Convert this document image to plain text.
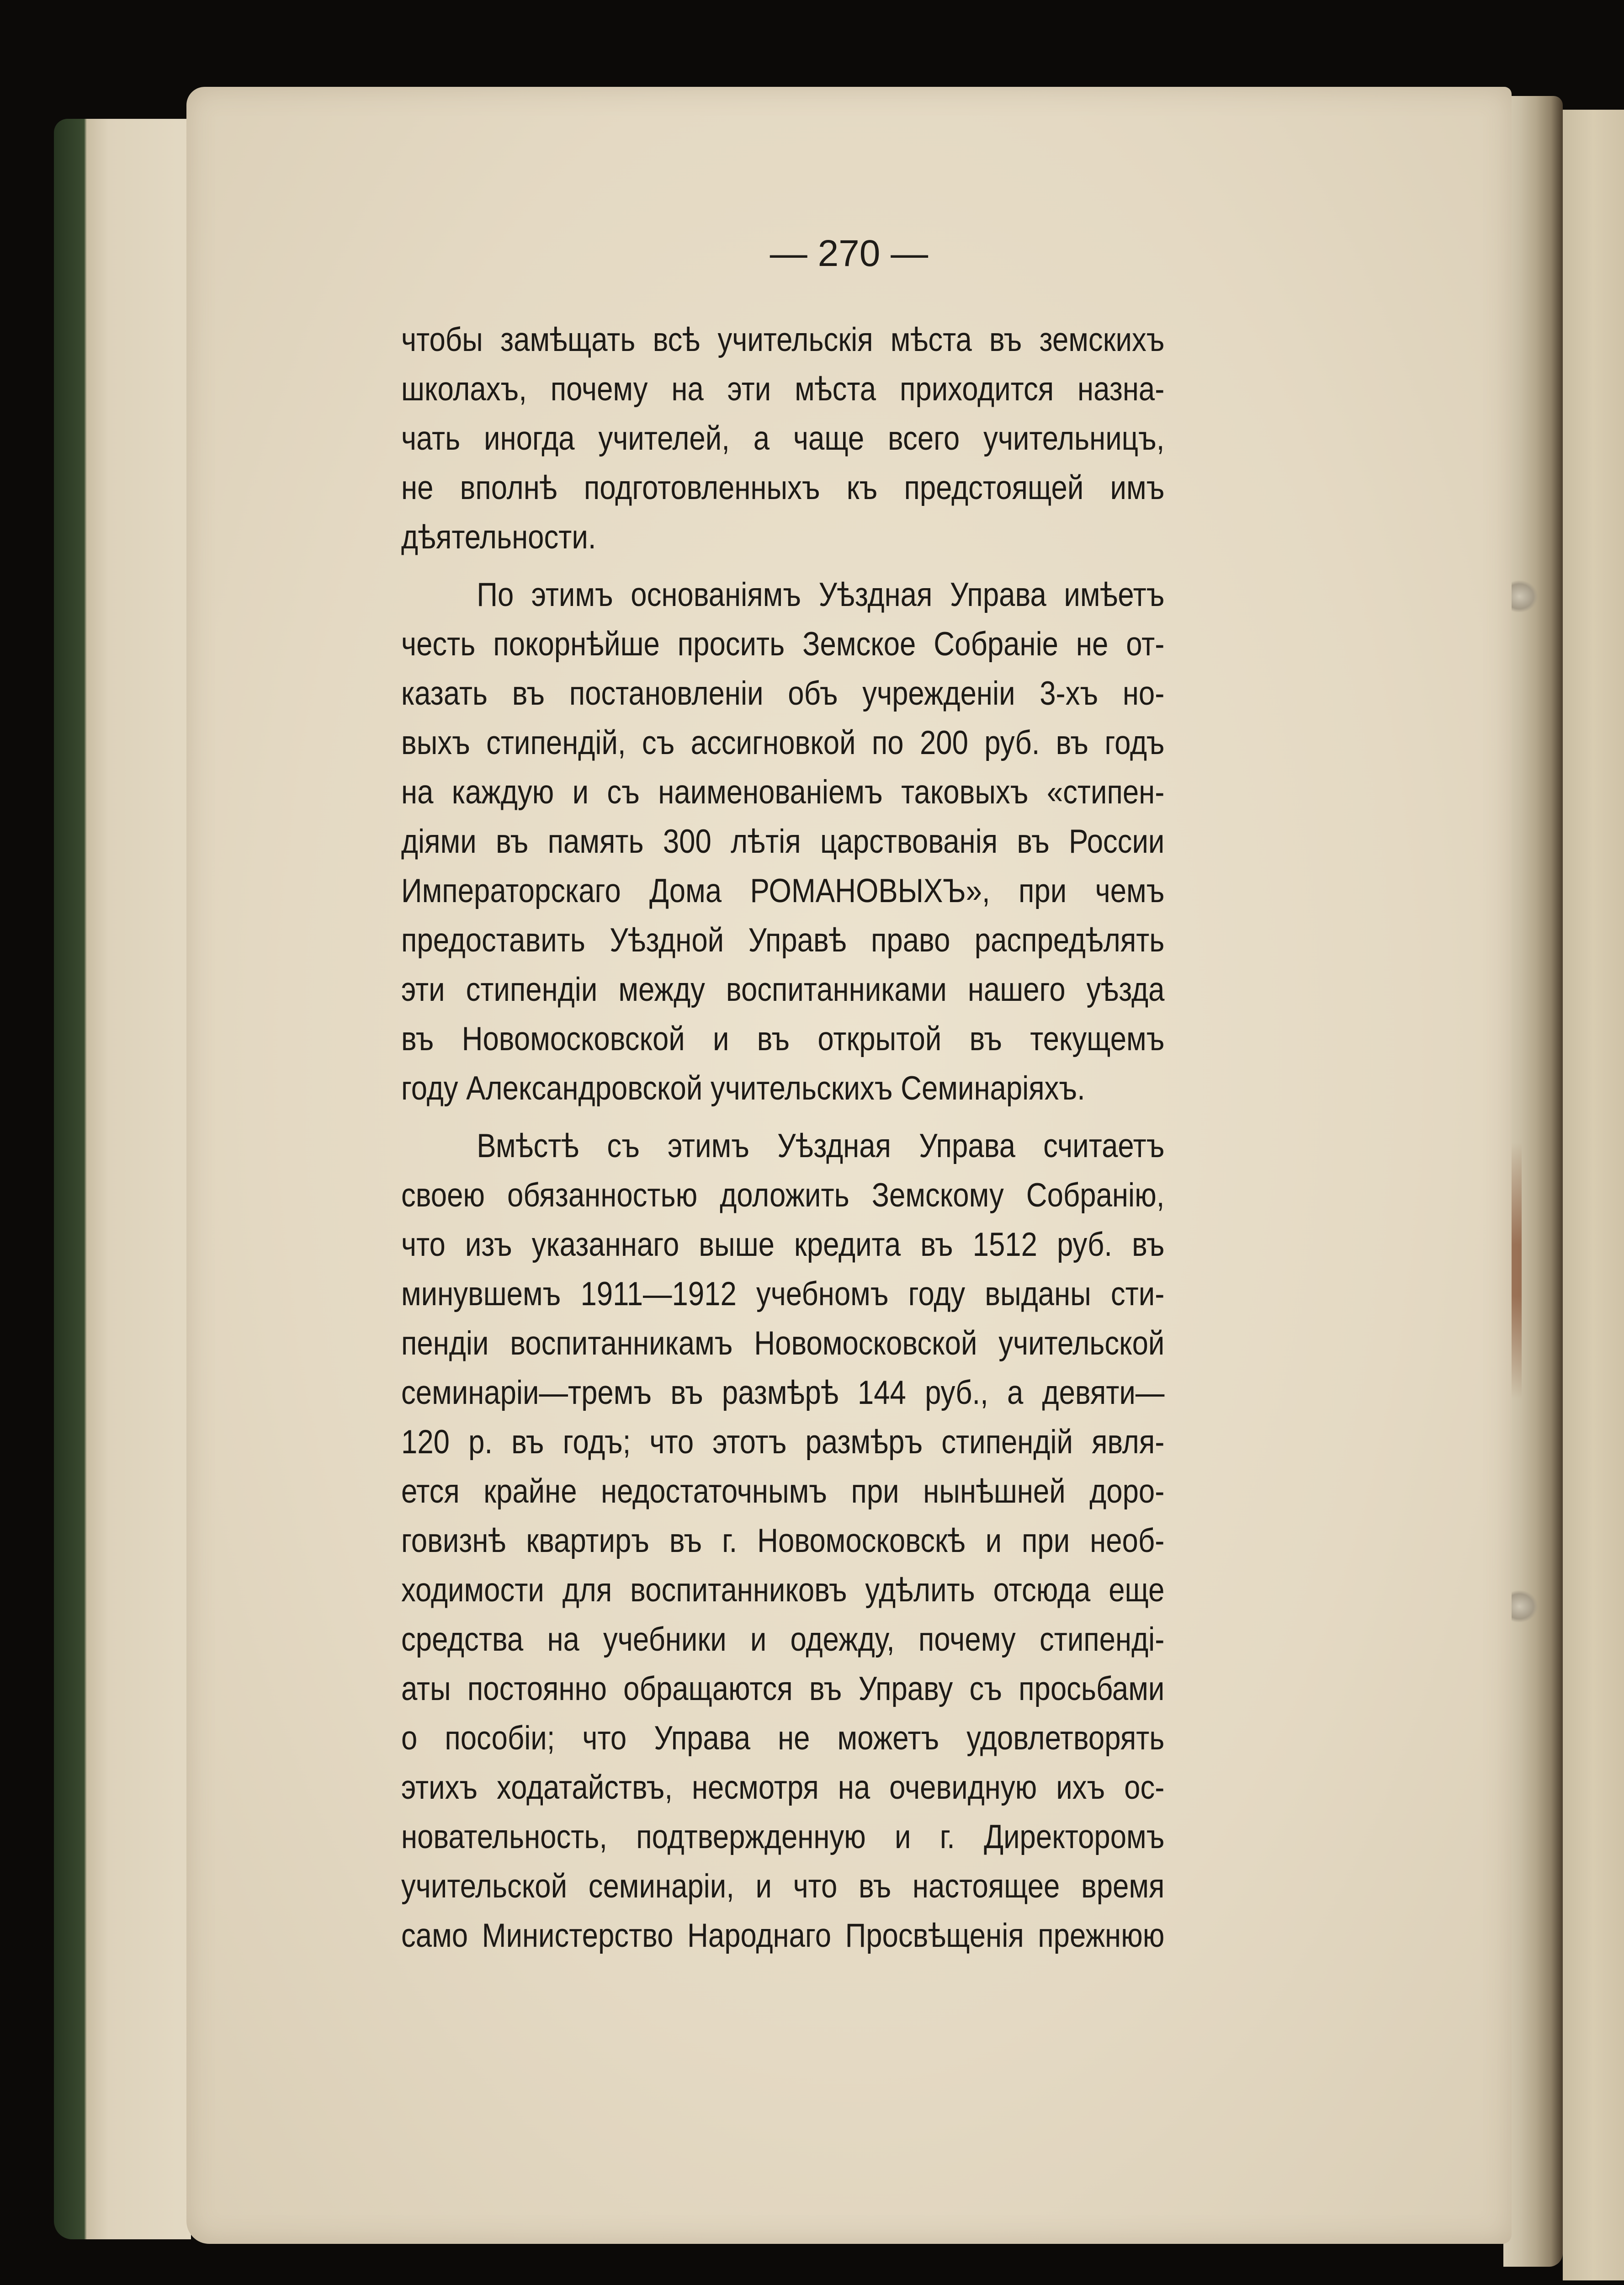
— 270 —

чтобы замѣщать всѣ учительскія мѣста въ земскихъ
школахъ, почему на эти мѣста приходится назна-
чать иногда учителей, а чаще всего учительницъ,
не вполнѣ подготовленныхъ къ предстоящей имъ
дѣятельности.
По этимъ основаніямъ Уѣздная Управа имѣетъ
честь покорнѣйше просить Земское Собраніе не от-
казать въ постановленіи объ учрежденіи 3-хъ но-
выхъ стипендій, съ ассигновкой по 200 руб. въ годъ
на каждую и съ наименованіемъ таковыхъ «стипен-
діями въ память 300 лѣтія царствованія въ России
Императорскаго Дома РОМАНОВЫХЪ», при чемъ
предоставить Уѣздной Управѣ право распредѣлять
эти стипендіи между воспитанниками нашего уѣзда
въ Новомосковской и въ открытой въ текущемъ
году Александровской учительскихъ Семинаріяхъ.
Вмѣстѣ съ этимъ Уѣздная Управа считаетъ
своею обязанностью доложить Земскому Собранію,
что изъ указаннаго выше кредита въ 1512 руб. въ
минувшемъ 1911—1912 учебномъ году выданы сти-
пендіи воспитанникамъ Новомосковской учительской
семинаріи—тремъ въ размѣрѣ 144 руб., а девяти—
120 р. въ годъ; что этотъ размѣръ стипендій явля-
ется крайне недостаточнымъ при нынѣшней доро-
говизнѣ квартиръ въ г. Новомосковскѣ и при необ-
ходимости для воспитанниковъ удѣлить отсюда еще
средства на учебники и одежду, почему стипенді-
аты постоянно обращаются въ Управу съ просьбами
о пособіи; что Управа не можетъ удовлетворять
этихъ ходатайствъ, несмотря на очевидную ихъ ос-
новательность, подтвержденную и г. Директоромъ
учительской семинаріи, и что въ настоящее время
само Министерство Народнаго Просвѣщенія прежнюю
